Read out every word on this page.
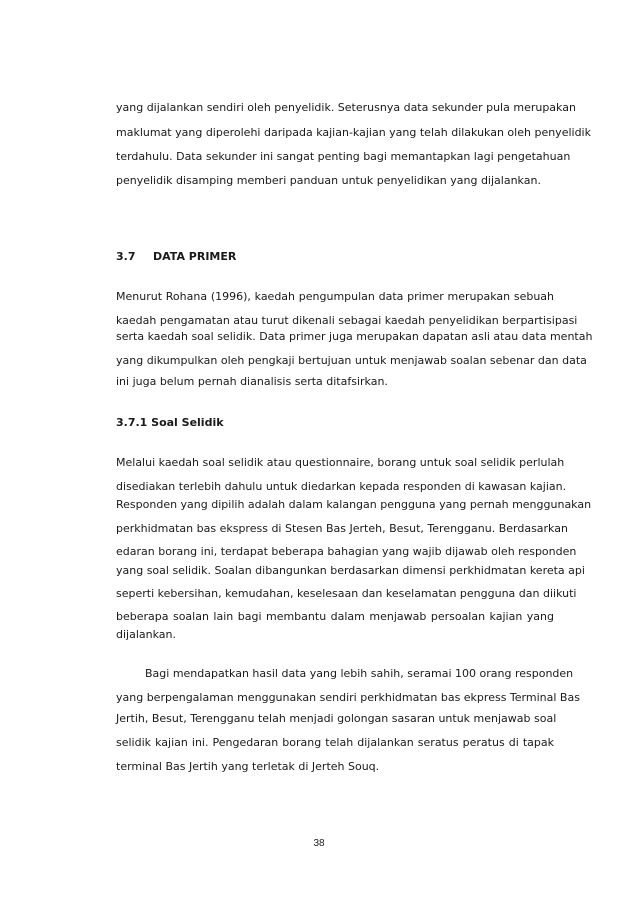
yang dijalankan sendiri oleh penyelidik. Seterusnya data sekunder pula merupakan
maklumat yang diperolehi daripada kajian-kajian yang telah dilakukan oleh penyelidik
terdahulu. Data sekunder ini sangat penting bagi memantapkan lagi pengetahuan
penyelidik disamping memberi panduan untuk penyelidikan yang dijalankan.
3.7 DATA PRIMER
Menurut Rohana (1996), kaedah pengumpulan data primer merupakan sebuah
kaedah pengamatan atau turut dikenali sebagai kaedah penyelidikan berpartisipasi
serta kaedah soal selidik. Data primer juga merupakan dapatan asli atau data mentah
yang dikumpulkan oleh pengkaji bertujuan untuk menjawab soalan sebenar dan data
ini juga belum pernah dianalisis serta ditafsirkan.
3.7.1 Soal Selidik
Melalui kaedah soal selidik atau questionnaire, borang untuk soal selidik perlulah
disediakan terlebih dahulu untuk diedarkan kepada responden di kawasan kajian.
Responden yang dipilih adalah dalam kalangan pengguna yang pernah menggunakan
perkhidmatan bas ekspress di Stesen Bas Jerteh, Besut, Terengganu. Berdasarkan
edaran borang ini, terdapat beberapa bahagian yang wajib dijawab oleh responden
yang soal selidik. Soalan dibangunkan berdasarkan dimensi perkhidmatan kereta api
seperti kebersihan, kemudahan, keselesaan dan keselamatan pengguna dan diikuti
beberapa soalan lain bagi membantu dalam menjawab persoalan kajian yang
dijalankan.
Bagi mendapatkan hasil data yang lebih sahih, seramai 100 orang responden
yang berpengalaman menggunakan sendiri perkhidmatan bas ekpress Terminal Bas
Jertih, Besut, Terengganu telah menjadi golongan sasaran untuk menjawab soal
selidik kajian ini. Pengedaran borang telah dijalankan seratus peratus di tapak
terminal Bas Jertih yang terletak di Jerteh Souq.
38
